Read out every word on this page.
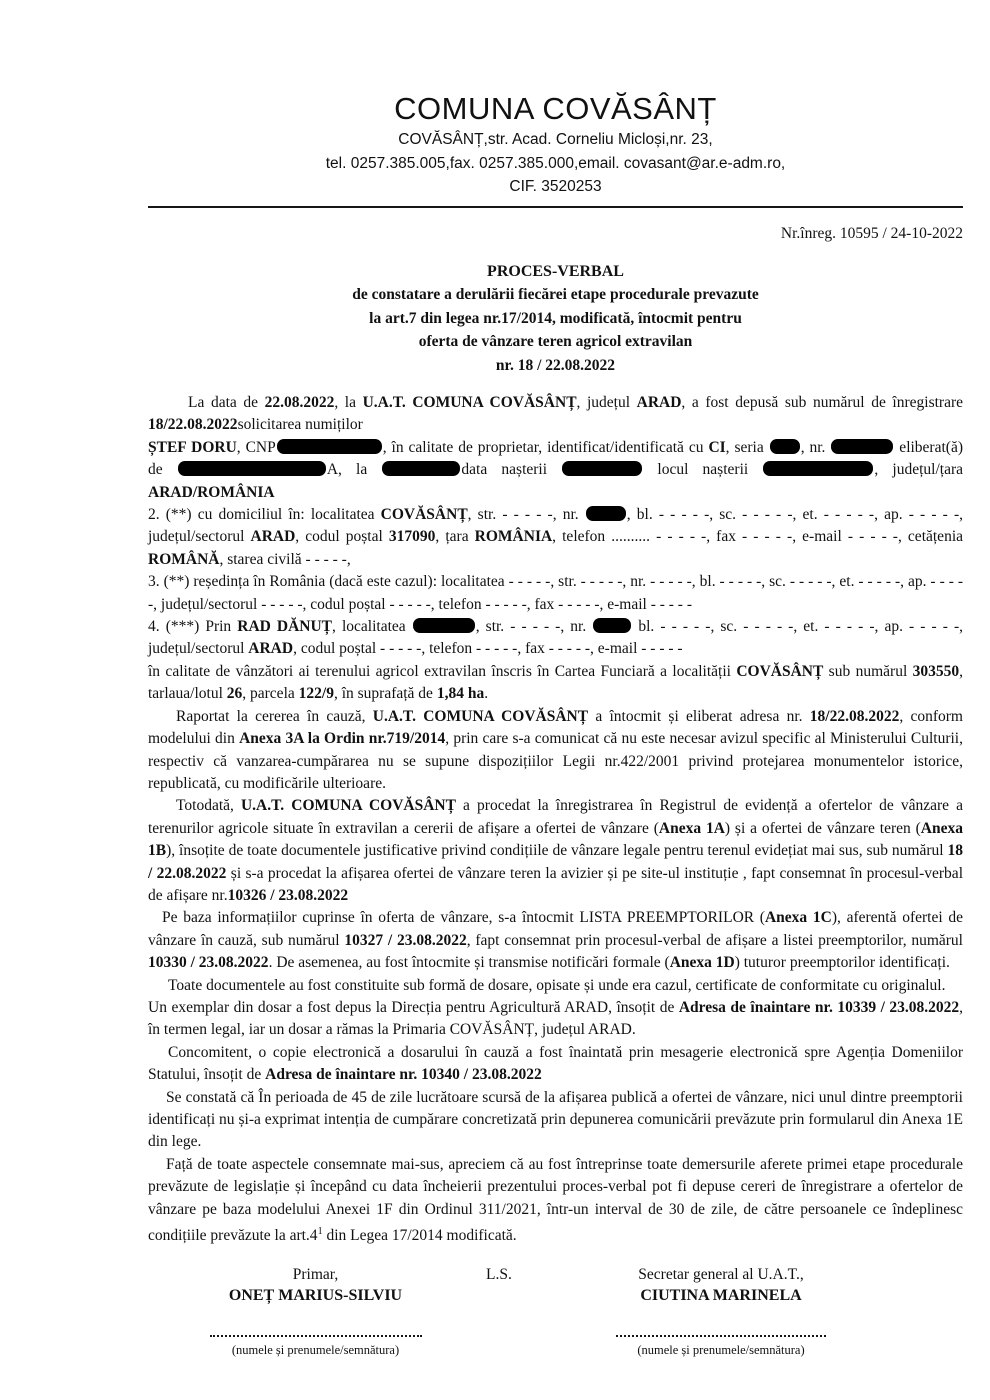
COMUNA COVĂSÂNȚ
COVĂSÂNȚ,str. Acad. Corneliu Micloși,nr. 23,
tel. 0257.385.005,fax. 0257.385.000,email. covasant@ar.e-adm.ro,
CIF. 3520253
Nr.înreg. 10595 / 24-10-2022
PROCES-VERBAL
de constatare a derulării fiecărei etape procedurale prevazute
la art.7 din legea nr.17/2014, modificată, întocmit pentru
oferta de vânzare teren agricol extravilan
nr. 18 / 22.08.2022

La data de 22.08.2022, la U.A.T. COMUNA COVĂSÂNȚ, județul ARAD, a fost depusă sub numărul de înregistrare 18/22.08.2022solicitarea numiților

ȘTEF DORU, CNP	, în calitate de proprietar, identificat/identificată cu CI, seria , nr.	eliberat(ă) de	A, la	data nașterii	locul nașterii	, județul/țara ARAD/ROMÂNIA

2. (**) cu domiciliul în: localitatea COVĂSÂNȚ, str. - - - - -, nr.	, bl. - - - - -, sc. - - - - -, et. - - - - -, ap. - - - - -, județul/sectorul ARAD, codul poștal 317090, țara ROMÂNIA, telefon .......... - - - - -, fax - - - - -, e-mail - - - - -, cetățenia ROMÂNĂ, starea civilă - - - - -,

3. (**) reședința în România (dacă este cazul): localitatea - - - - -, str. - - - - -, nr. - - - - -, bl. - - - - -, sc. - - - - -, et. - - - - -, ap. - - - - -, județul/sectorul - - - - -, codul poștal - - - - -, telefon - - - - -, fax - - - - -, e-mail - - - - -

4. (***) Prin RAD DĂNUȚ, localitatea	, str. - - - - -, nr.	bl. - - - - -, sc. - - - - -, et. - - - - -, ap. - - - - -, județul/sectorul ARAD, codul poștal - - - - -, telefon - - - - -, fax - - - - -, e-mail - - - - -

în calitate de vânzători ai terenului agricol extravilan înscris în Cartea Funciară a localității COVĂSÂNȚ sub numărul 303550, tarlaua/lotul 26, parcela 122/9, în suprafață de 1,84 ha.

Raportat la cererea în cauză, U.A.T. COMUNA COVĂSÂNȚ a întocmit și eliberat adresa nr. 18/22.08.2022, conform modelului din Anexa 3A la Ordin nr.719/2014, prin care s-a comunicat că nu este necesar avizul specific al Ministerului Culturii, respectiv că vanzarea-cumpărarea nu se supune dispozițiilor Legii nr.422/2001 privind protejarea monumentelor istorice, republicată, cu modificările ulterioare.

Totodată, U.A.T. COMUNA COVĂSÂNȚ a procedat la înregistrarea în Registrul de evidență a ofertelor de vânzare a terenurilor agricole situate în extravilan a cererii de afișare a ofertei de vânzare (Anexa 1A) și a ofertei de vânzare teren (Anexa 1B), însoțite de toate documentele justificative privind condițiile de vânzare legale pentru terenul evidețiat mai sus, sub numărul 18 / 22.08.2022 și s-a procedat la afișarea ofertei de vânzare teren la avizier și pe site-ul instituție , fapt consemnat în procesul-verbal de afișare nr.10326 / 23.08.2022

Pe baza informațiilor cuprinse în oferta de vânzare, s-a întocmit LISTA PREEMPTORILOR (Anexa 1C), aferentă ofertei de vânzare în cauză, sub numărul 10327 / 23.08.2022, fapt consemnat prin procesul-verbal de afișare a listei preemptorilor, numărul 10330 / 23.08.2022. De asemenea, au fost întocmite și transmise notificări formale (Anexa 1D) tuturor preemptorilor identificați.

Toate documentele au fost constituite sub formă de dosare, opisate și unde era cazul, certificate de conformitate cu originalul.

Un exemplar din dosar a fost depus la Direcția pentru Agricultură ARAD, însoțit de Adresa de înaintare nr. 10339 / 23.08.2022, în termen legal, iar un dosar a rămas la Primaria COVĂSÂNȚ, județul ARAD.

Concomitent, o copie electronică a dosarului în cauză a fost înaintată prin mesagerie electronică spre Agenția Domeniilor Statului, însoțit de Adresa de înaintare nr. 10340 / 23.08.2022

Se constată că În perioada de 45 de zile lucrătoare scursă de la afișarea publică a ofertei de vânzare, nici unul dintre preemptorii identificați nu și-a exprimat intenția de cumpărare concretizată prin depunerea comunicării prevăzute prin formularul din Anexa 1E din lege.

Față de toate aspectele consemnate mai-sus, apreciem că au fost întreprinse toate demersurile aferete primei etape procedurale prevăzute de legislație și începând cu data încheierii prezentului proces-verbal pot fi depuse cereri de înregistrare a ofertelor de vânzare pe baza modelului Anexei 1F din Ordinul 311/2021, într-un interval de 30 de zile, de către persoanele ce îndeplinesc condițiile prevăzute la $art.4^1$ din Legea 17/2014 modificată.

Primar,
ONEȚ MARIUS-SILVIU
(numele și prenumele/semnătura)
L.S.	Secretar general al U.A.T.,
CIUTINA MARINELA
(numele și prenumele/semnătura)
